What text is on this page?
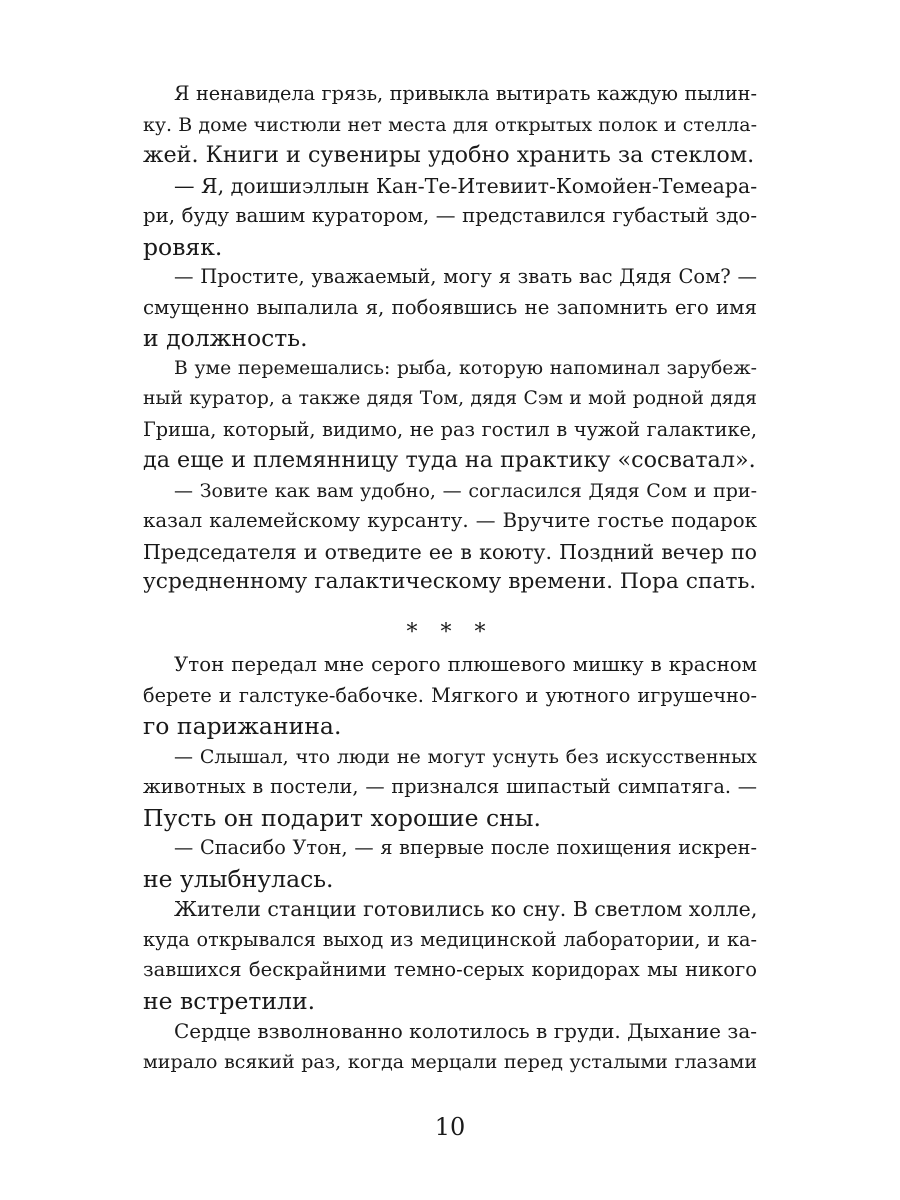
Я ненавидела грязь, привыкла вытирать каждую пылин-
ку. В доме чистюли нет места для открытых полок и стелла-
жей. Книги и сувениры удобно хранить за стеклом.
— Я, доишиэллын Кан-Те-Итевиит-Комойен-Темеара-
ри, буду вашим куратором, — представился губастый здо-
ровяк.
— Простите, уважаемый, могу я звать вас Дядя Сом? —
смущенно выпалила я, побоявшись не запомнить его имя
и должность.
В уме перемешались: рыба, которую напоминал зарубеж-
ный куратор, а также дядя Том, дядя Сэм и мой родной дядя
Гриша, который, видимо, не раз гостил в чужой галактике,
да еще и племянницу туда на практику «сосватал».
— Зовите как вам удобно, — согласился Дядя Сом и при-
казал калемейскому курсанту. — Вручите гостье подарок
Председателя и отведите ее в коюту. Поздний вечер по
усредненному галактическому времени. Пора спать.
* * *
Утон передал мне серого плюшевого мишку в красном
берете и галстуке-бабочке. Мягкого и уютного игрушечно-
го парижанина.
— Слышал, что люди не могут уснуть без искусственных
животных в постели, — признался шипастый симпатяга. —
Пусть он подарит хорошие сны.
— Спасибо Утон, — я впервые после похищения искрен-
не улыбнулась.
Жители станции готовились ко сну. В светлом холле,
куда открывался выход из медицинской лаборатории, и ка-
завшихся бескрайними темно-серых коридорах мы никого
не встретили.
Сердце взволнованно колотилось в груди. Дыхание за-
мирало всякий раз, когда мерцали перед усталыми глазами
10
